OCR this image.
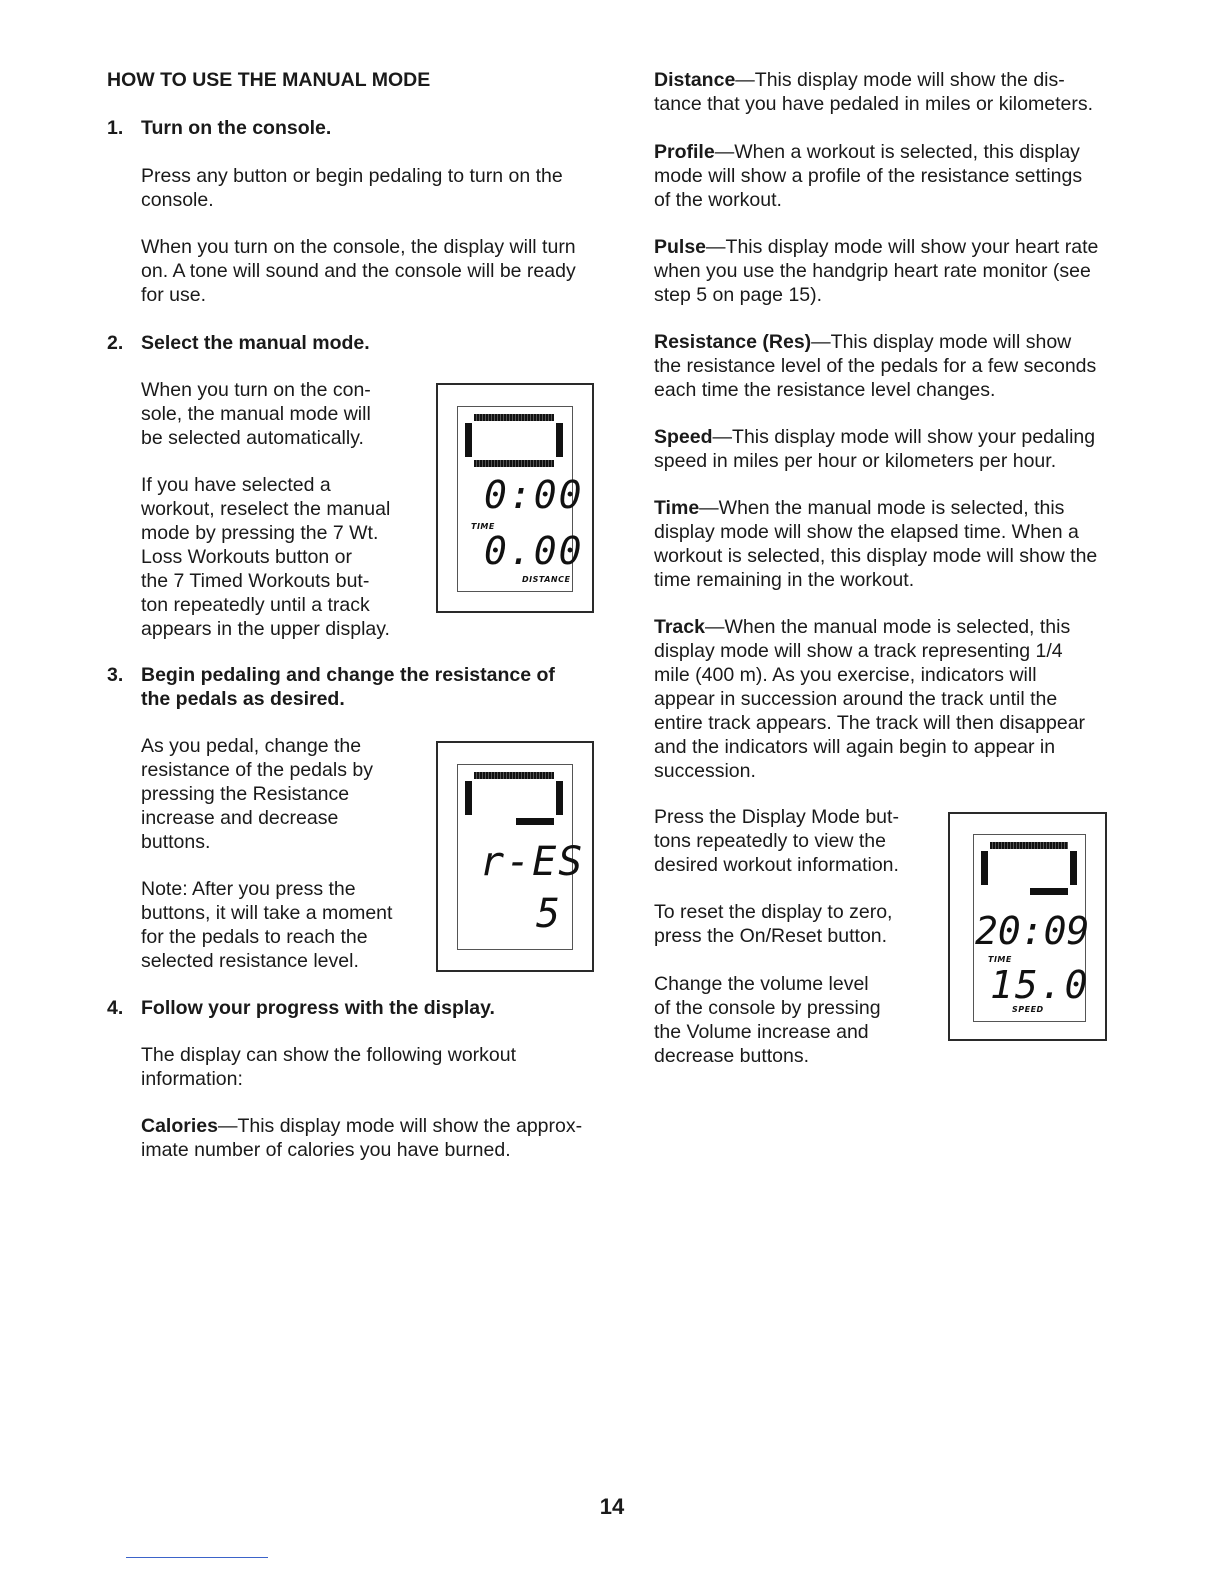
HOW TO USE THE MANUAL MODE
1. Turn on the console.

Press any button or begin pedaling to turn on the

console.

When you turn on the console, the display will turn

on. A tone will sound and the console will be ready

for use.

2. Select the manual mode.

When you turn on the con-

sole, the manual mode will

be selected automatically.

If you have selected a

workout, reselect the manual

mode by pressing the 7 Wt.

Loss Workouts button or

the 7 Timed Workouts but-

ton repeatedly until a track

appears in the upper display.

0:00
TIME
0.00
DISTANCE
3. Begin pedaling and change the resistance of

the pedals as desired.

As you pedal, change the

resistance of the pedals by

pressing the Resistance

increase and decrease

buttons.

Note: After you press the

buttons, it will take a moment

for the pedals to reach the

selected resistance level.

r-ES
5
4. Follow your progress with the display.

The display can show the following workout

information:

Calories—This display mode will show the approx-

imate number of calories you have burned.

Distance—This display mode will show the dis-

tance that you have pedaled in miles or kilometers.

Profile—When a workout is selected, this display

mode will show a profile of the resistance settings

of the workout.

Pulse—This display mode will show your heart rate

when you use the handgrip heart rate monitor (see

step 5 on page 15).

Resistance (Res)—This display mode will show

the resistance level of the pedals for a few seconds

each time the resistance level changes.

Speed—This display mode will show your pedaling

speed in miles per hour or kilometers per hour.

Time—When the manual mode is selected, this

display mode will show the elapsed time. When a

workout is selected, this display mode will show the

time remaining in the workout.

Track—When the manual mode is selected, this

display mode will show a track representing 1/4

mile (400 m). As you exercise, indicators will

appear in succession around the track until the

entire track appears. The track will then disappear

and the indicators will again begin to appear in

succession.

Press the Display Mode but-

tons repeatedly to view the

desired workout information.

To reset the display to zero,

press the On/Reset button.

Change the volume level

of the console by pressing

the Volume increase and

decrease buttons.

20:09
TIME
15.0
SPEED
14
